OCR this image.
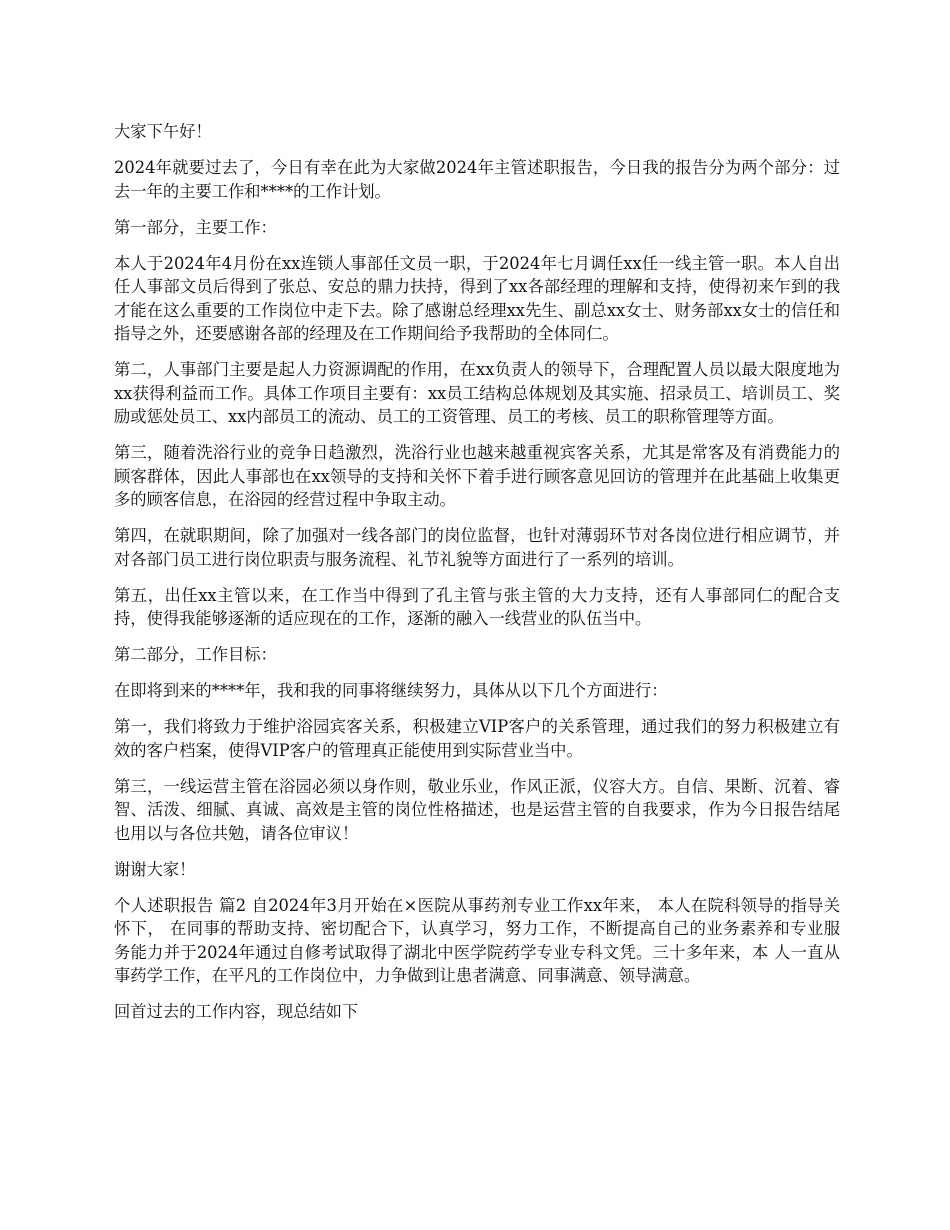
大家下午好！

2024年就要过去了，今日有幸在此为大家做2024年主管述职报告，今日我的报告分为两个部分：过去一年的主要工作和****的工作计划。

第一部分，主要工作：

本人于2024年4月份在xx连锁人事部任文员一职，于2024年七月调任xx任一线主管一职。本人自出任人事部文员后得到了张总、安总的鼎力扶持，得到了xx各部经理的理解和支持，使得初来乍到的我才能在这么重要的工作岗位中走下去。除了感谢总经理xx先生、副总xx女士、财务部xx女士的信任和指导之外，还要感谢各部的经理及在工作期间给予我帮助的全体同仁。

第二，人事部门主要是起人力资源调配的作用，在xx负责人的领导下，合理配置人员以最大限度地为xx获得利益而工作。具体工作项目主要有：xx员工结构总体规划及其实施、招录员工、培训员工、奖励或惩处员工、xx内部员工的流动、员工的工资管理、员工的考核、员工的职称管理等方面。

第三，随着洗浴行业的竞争日趋激烈，洗浴行业也越来越重视宾客关系，尤其是常客及有消费能力的顾客群体，因此人事部也在xx领导的支持和关怀下着手进行顾客意见回访的管理并在此基础上收集更多的顾客信息，在浴园的经营过程中争取主动。

第四，在就职期间，除了加强对一线各部门的岗位监督，也针对薄弱环节对各岗位进行相应调节，并对各部门员工进行岗位职责与服务流程、礼节礼貌等方面进行了一系列的培训。

第五，出任xx主管以来，在工作当中得到了孔主管与张主管的大力支持，还有人事部同仁的配合支持，使得我能够逐渐的适应现在的工作，逐渐的融入一线营业的队伍当中。

第二部分，工作目标：

在即将到来的****年，我和我的同事将继续努力，具体从以下几个方面进行：

第一，我们将致力于维护浴园宾客关系，积极建立VIP客户的关系管理，通过我们的努力积极建立有效的客户档案，使得VIP客户的管理真正能使用到实际营业当中。

第三，一线运营主管在浴园必须以身作则，敬业乐业，作风正派，仪容大方。自信、果断、沉着、睿智、活泼、细腻、真诚、高效是主管的岗位性格描述，也是运营主管的自我要求，作为今日报告结尾也用以与各位共勉，请各位审议！

谢谢大家！

个人述职报告 篇2 自2024年3月开始在×医院从事药剂专业工作xx年来， 本人在院科领导的指导关怀下， 在同事的帮助支持、密切配合下，认真学习，努力工作，不断提高自己的业务素养和专业服 务能力并于2024年通过自修考试取得了湖北中医学院药学专业专科文凭。三十多年来，本 人一直从事药学工作，在平凡的工作岗位中，力争做到让患者满意、同事满意、领导满意。

回首过去的工作内容，现总结如下
